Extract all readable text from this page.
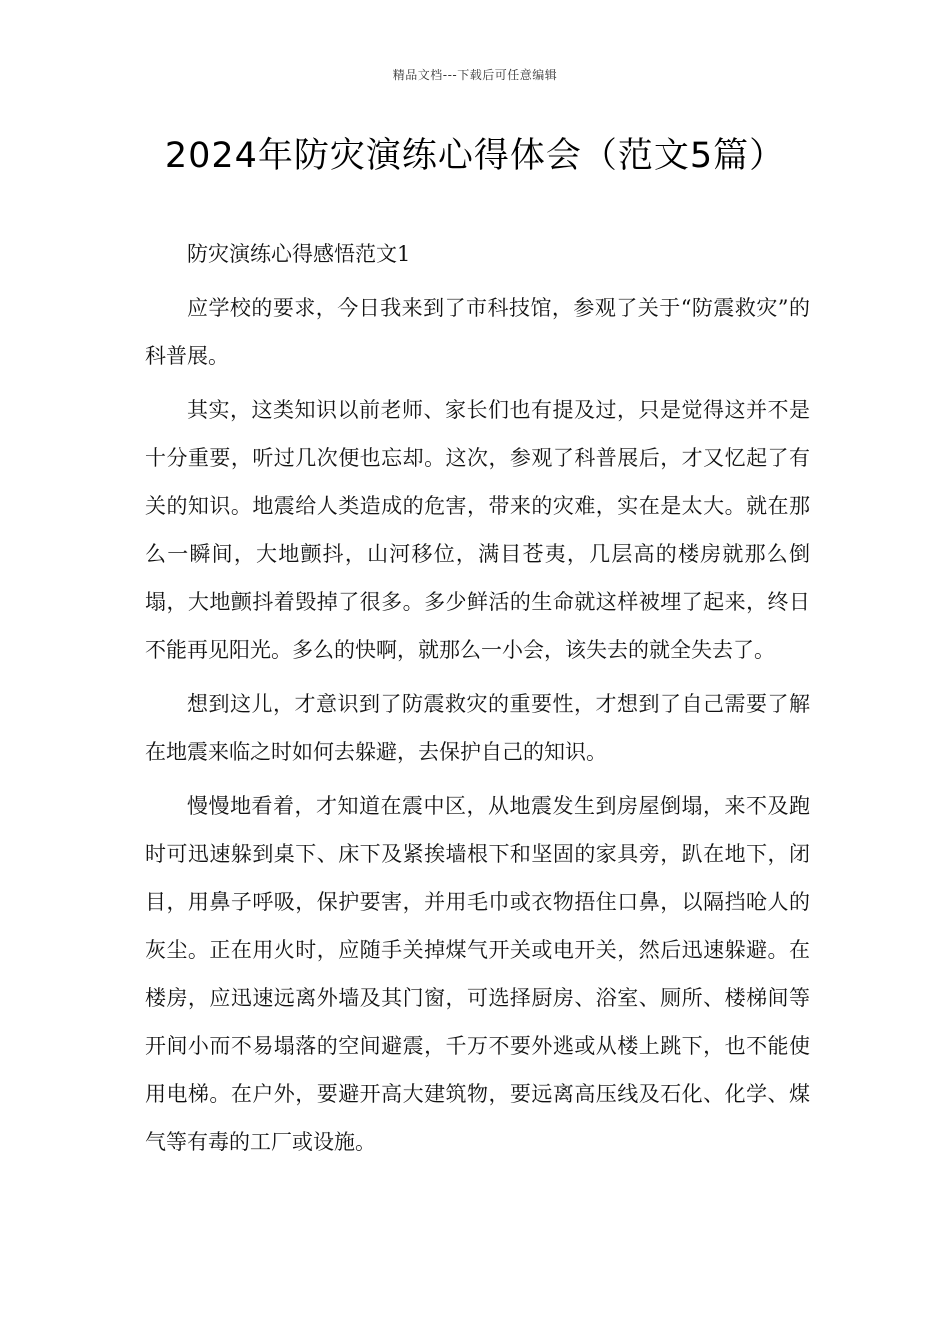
精品文档---下载后可任意编辑
2024年防灾演练心得体会（范文5篇）

防灾演练心得感悟范文1

应学校的要求，今日我来到了市科技馆，参观了关于“防震救灾”的科普展。

其实，这类知识以前老师、家长们也有提及过，只是觉得这并不是十分重要，听过几次便也忘却。这次，参观了科普展后，才又忆起了有关的知识。地震给人类造成的危害，带来的灾难，实在是太大。就在那么一瞬间，大地颤抖，山河移位，满目苍夷，几层高的楼房就那么倒塌，大地颤抖着毁掉了很多。多少鲜活的生命就这样被埋了起来，终日不能再见阳光。多么的快啊，就那么一小会，该失去的就全失去了。

想到这儿，才意识到了防震救灾的重要性，才想到了自己需要了解在地震来临之时如何去躲避，去保护自己的知识。

慢慢地看着，才知道在震中区，从地震发生到房屋倒塌，来不及跑时可迅速躲到桌下、床下及紧挨墙根下和坚固的家具旁，趴在地下，闭目，用鼻子呼吸，保护要害，并用毛巾或衣物捂住口鼻，以隔挡呛人的灰尘。正在用火时，应随手关掉煤气开关或电开关，然后迅速躲避。在楼房，应迅速远离外墙及其门窗，可选择厨房、浴室、厕所、楼梯间等开间小而不易塌落的空间避震，千万不要外逃或从楼上跳下，也不能使用电梯。在户外，要避开高大建筑物，要远离高压线及石化、化学、煤气等有毒的工厂或设施。
